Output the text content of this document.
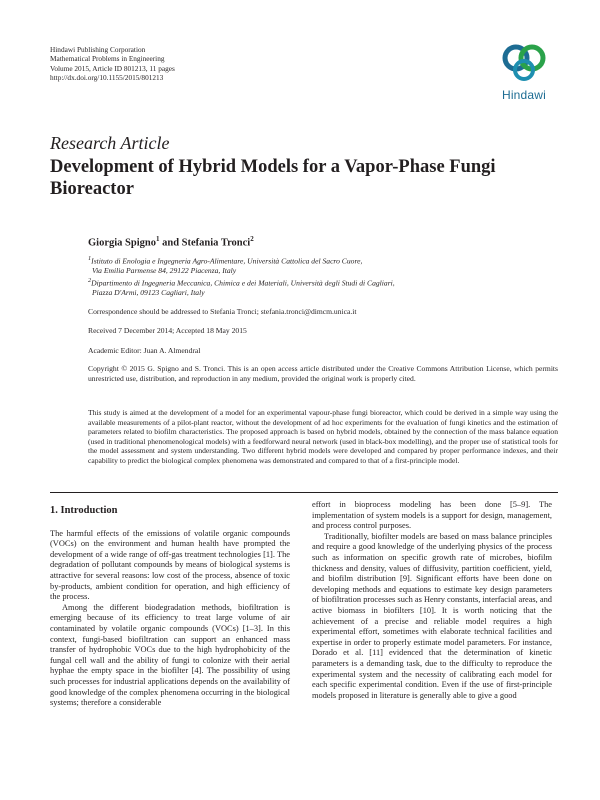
Hindawi Publishing Corporation
Mathematical Problems in Engineering
Volume 2015, Article ID 801213, 11 pages
http://dx.doi.org/10.1155/2015/801213
Hindawi
Research Article
Development of Hybrid Models for a Vapor-Phase Fungi Bioreactor
Giorgia Spigno$^1$ and Stefania Tronci$^2$
$^1$Istituto di Enologia e Ingegneria Agro-Alimentare, Università Cattolica del Sacro Cuore,
Via Emilia Parmense 84, 29122 Piacenza, Italy
$^2$Dipartimento di Ingegneria Meccanica, Chimica e dei Materiali, Università degli Studi di Cagliari,
Piazza D'Armi, 09123 Cagliari, Italy
Correspondence should be addressed to Stefania Tronci; stefania.tronci@dimcm.unica.it
Received 7 December 2014; Accepted 18 May 2015
Academic Editor: Juan A. Almendral
Copyright © 2015 G. Spigno and S. Tronci. This is an open access article distributed under the Creative Commons Attribution License, which permits unrestricted use, distribution, and reproduction in any medium, provided the original work is properly cited.

This study is aimed at the development of a model for an experimental vapour-phase fungi bioreactor, which could be derived in a simple way using the available measurements of a pilot-plant reactor, without the development of ad hoc experiments for the evaluation of fungi kinetics and the estimation of parameters related to biofilm characteristics. The proposed approach is based on hybrid models, obtained by the connection of the mass balance equation (used in traditional phenomenological models) with a feedforward neural network (used in black-box modelling), and the proper use of statistical tools for the model assessment and system understanding. Two different hybrid models were developed and compared by proper performance indexes, and their capability to predict the biological complex phenomena was demonstrated and compared to that of a first-principle model.

1. Introduction

The harmful effects of the emissions of volatile organic compounds (VOCs) on the environment and human health have prompted the development of a wide range of off-gas treatment technologies [1]. The degradation of pollutant compounds by means of biological systems is attractive for several reasons: low cost of the process, absence of toxic by-products, ambient condition for operation, and high efficiency of the process.

Among the different biodegradation methods, biofiltration is emerging because of its efficiency to treat large volume of air contaminated by volatile organic compounds (VOCs) [1–3]. In this context, fungi-based biofiltration can support an enhanced mass transfer of hydrophobic VOCs due to the high hydrophobicity of the fungal cell wall and the ability of fungi to colonize with their aerial hyphae the empty space in the biofilter [4]. The possibility of using such processes for industrial applications depends on the availability of good knowledge of the complex phenomena occurring in the biological systems; therefore a considerable

effort in bioprocess modeling has been done [5–9]. The implementation of system models is a support for design, management, and process control purposes.

Traditionally, biofilter models are based on mass balance principles and require a good knowledge of the underlying physics of the process such as information on specific growth rate of microbes, biofilm thickness and density, values of diffusivity, partition coefficient, yield, and biofilm distribution [9]. Significant efforts have been done on developing methods and equations to estimate key design parameters of biofiltration processes such as Henry constants, interfacial areas, and active biomass in biofilters [10]. It is worth noticing that the achievement of a precise and reliable model requires a high experimental effort, sometimes with elaborate technical facilities and expertise in order to properly estimate model parameters. For instance, Dorado et al. [11] evidenced that the determination of kinetic parameters is a demanding task, due to the difficulty to reproduce the experimental system and the necessity of calibrating each model for each specific experimental condition. Even if the use of first-principle models proposed in literature is generally able to give a good
